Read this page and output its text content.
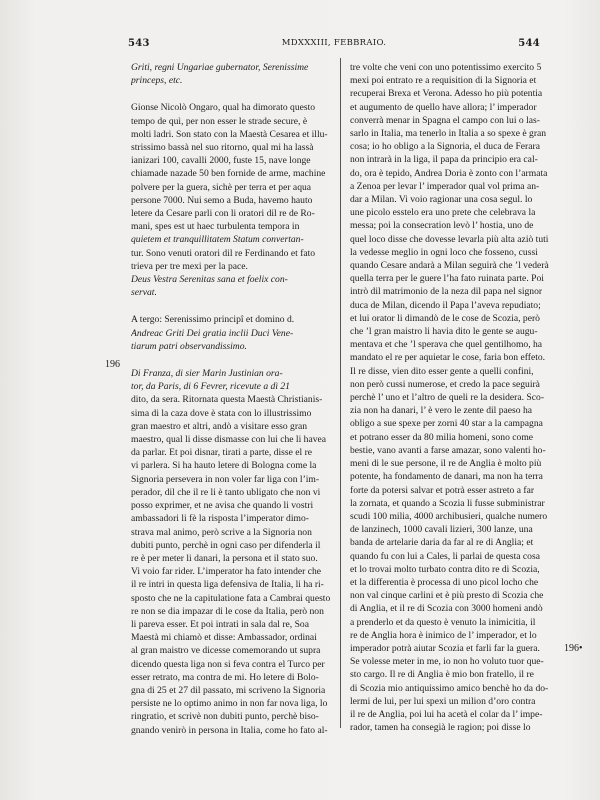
543	MDXXXIII, FEBBRAIO.	544
196
196•
Griti, regni Ungariae gubernator, Serenissime
princeps, etc.
Gionse Nicolò Ongaro, qual ha dimorato questo
tempo de quì, per non esser le strade secure, è
molti ladri. Son stato con la Maestà Cesarea et illu-
strissimo bassà nel suo ritorno, qual mi ha lassà
ianizari 100, cavalli 2000, fuste 15, nave longe
chiamade nazade 50 ben fornide de arme, machine
polvere per la guera, sichè per terra et per aqua
persone 7000. Nui semo a Buda, havemo hauto
letere da Cesare parli con li oratori dil re de Ro-
mani, spes est ut haec turbulenta tempora in
quietem et tranquillitatem Statum convertan-
tur. Sono venuti oratori dil re Ferdinando et fato
trieva per tre mexi per la pace.
Deus Vestra Serenitas sana et foelix con-
servat.
A tergo: Serenissimo principî et domino d.
Andreac Griti Dei gratia inclii Duci Vene-
tiarum patri observandissimo.
Di Franza, di sier Marin Justinian ora-
tor, da Paris, di 6 Fevrer, ricevute a dì 21
dito, da sera. Ritornata questa Maestà Christianis-
sima di la caza dove è stata con lo illustrissimo
gran maestro et altri, andò a visitare esso gran
maestro, qual li disse dismasse con lui che li havea
da parlar. Et poi disnar, tirati a parte, disse el re
vi parlera. Si ha hauto letere di Bologna come la
Signoria persevera in non voler far liga con l’im-
perador, dil che il re li è tanto ubligato che non vi
posso exprimer, et ne avisa che quando li vostri
ambassadori li fè la risposta l’imperator dimo-
strava mal animo, però scrive a la Signoria non
dubiti punto, perchè in ogni caso per difenderla il
re è per meter li danari, la persona et il stato suo.
Vi voio far rider. L’imperator ha fato intender che
il re intri in questa liga defensiva de Italia, li ha ri-
sposto che ne la capitulatione fata a Cambrai questo
re non se dia impazar di le cose da Italia, però non
li pareva esser. Et poi intrati in sala dal re, Soa
Maestà mi chiamò et disse: Ambassador, ordinai
al gran maistro ve dicesse comemorando ut supra
dicendo questa liga non si feva contra el Turco per
esser retrato, ma contra de mi. Ho letere di Bolo-
gna di 25 et 27 dil passato, mi scriveno la Signoria
persiste ne lo optimo animo in non far nova liga, lo
ringratio, et scrivè non dubiti punto, perchè biso-
gnando venirò in persona in Italia, come ho fato al-
tre volte che veni con uno potentissimo exercito 5
mexi poi entrato re a requisition di la Signoria et
recuperai Brexa et Verona. Adesso ho più potentia
et augumento de quello have allora; l’ imperador
converrà menar in Spagna el campo con lui o las-
sarlo in Italia, ma tenerlo in Italia a so spexe è gran
cosa; io ho obligo a la Signoria, el duca de Ferara
non intrarà in la liga, il papa da principio era cal-
do, ora è tepido, Andrea Doria è zonto con l’armata
a Zenoa per levar l’ imperador qual vol prima an-
dar a Milan. Vi voio ragionar una cosa segul. lo
une picolo esstelo era uno prete che celebrava la
messa; poi la consecration levò l’ hostia, uno de
quel loco disse che dovesse levarla più alta aziò tuti
la vedesse meglio in ogni loco che fosseno, cussi
quando Cesare andarà a Milan seguirà che ’l vederà
quella terra per le guere l’ha fato ruinata parte. Poi
intrò dil matrimonio de la neza dil papa nel signor
duca de Milan, dicendo il Papa l’aveva repudiato;
et lui orator li dimandò de le cose de Scozia, però
che ’l gran maistro li havia dito le gente se augu-
mentava et che ’l sperava che quel gentilhomo, ha
mandato el re per aquietar le cose, faria bon effeto.
Il re disse, vien dito esser gente a quelli confini,
non però cussi numerose, et credo la pace seguirà
perchè l’ uno et l’altro de queli re la desidera. Sco-
zia non ha danari, l’ è vero le zente dil paeso ha
obligo a sue spexe per zorni 40 star a la campagna
et potrano esser da 80 milia homeni, sono come
bestie, vano avanti a farse amazar, sono valenti ho-
meni di le sue persone, il re de Anglia è molto più
potente, ha fondamento de danari, ma non ha terra
forte da potersi salvar et potrà esser astreto a far
la zornata, et quando a Scozia li fusse subministrar
scudi 100 milia, 4000 archibusieri, qualche numero
de lanzinech, 1000 cavali lizieri, 300 lanze, una
banda de artelarie daria da far al re di Anglia; et
quando fu con lui a Cales, li parlai de questa cosa
et lo trovai molto turbato contra dito re di Scozia,
et la differentia è processa di uno picol locho che
non val cinque carlini et è più presto di Scozia che
di Anglia, et il re di Scozia con 3000 homeni andò
a prenderlo et da questo è venuto la inimicitia, il
re de Anglia hora è inimico de l’ imperador, et lo
imperador potrà aiutar Scozia et farli far la guera.
Se volesse meter in me, io non ho voluto tuor que-
sto cargo. Il re di Anglia è mio bon fratello, il re
di Scozia mio antiquissimo amico benchè ho da do-
lermi de lui, per lui spexi un milion d’oro contra
il re de Anglia, poi lui ha acetà el colar da l’ impe-
rador, tamen ha consegià le ragion; poi disse lo
